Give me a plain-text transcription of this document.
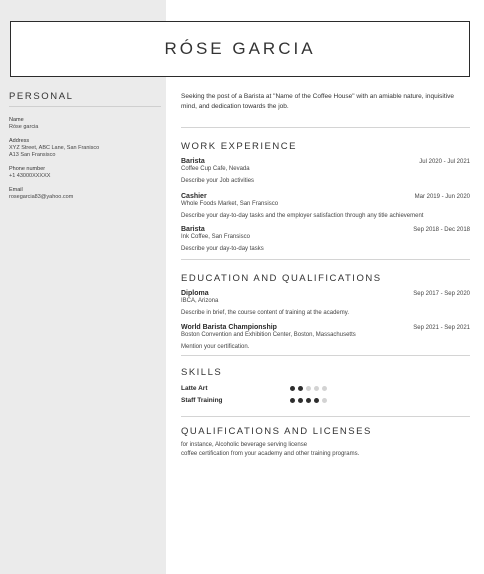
RÓSE GARCIA
PERSONAL
Name
Róse garcia
Address
XYZ Street, ABC Lane, San Franisco
A13 San Fransisco
Phone number
+1 43000XXXXX
Email
rosegarcia83@yahoo.com

Seeking the post of a Barista at "Name of the Coffee House" with an amiable nature, inquisitive mind, and dedication towards the job.

WORK EXPERIENCE
Barista	Jul 2020 - Jul 2021
Coffee Cup Cafe, Nevada
Describe your Job activities
Cashier	Mar 2019 - Jun 2020
Whole Foods Market, San Fransisco
Describe your day-to-day tasks and the employer satisfaction through any title achievement
Barista	Sep 2018 - Dec 2018
Ink Coffee, San Fransisco
Describe your day-to-day tasks
EDUCATION AND QUALIFICATIONS
Diploma	Sep 2017 - Sep 2020
IBCA, Arizona
Describe in brief, the course content of training at the academy.
World Barista Championship	Sep 2021 - Sep 2021
Boston Convention and Exhibition Center, Boston, Massachusetts
Mention your certification.
SKILLS
Latte Art
Staff Training
QUALIFICATIONS AND LICENSES
for instance, Alcoholic beverage serving license
coffee certification from your academy and other training programs.
